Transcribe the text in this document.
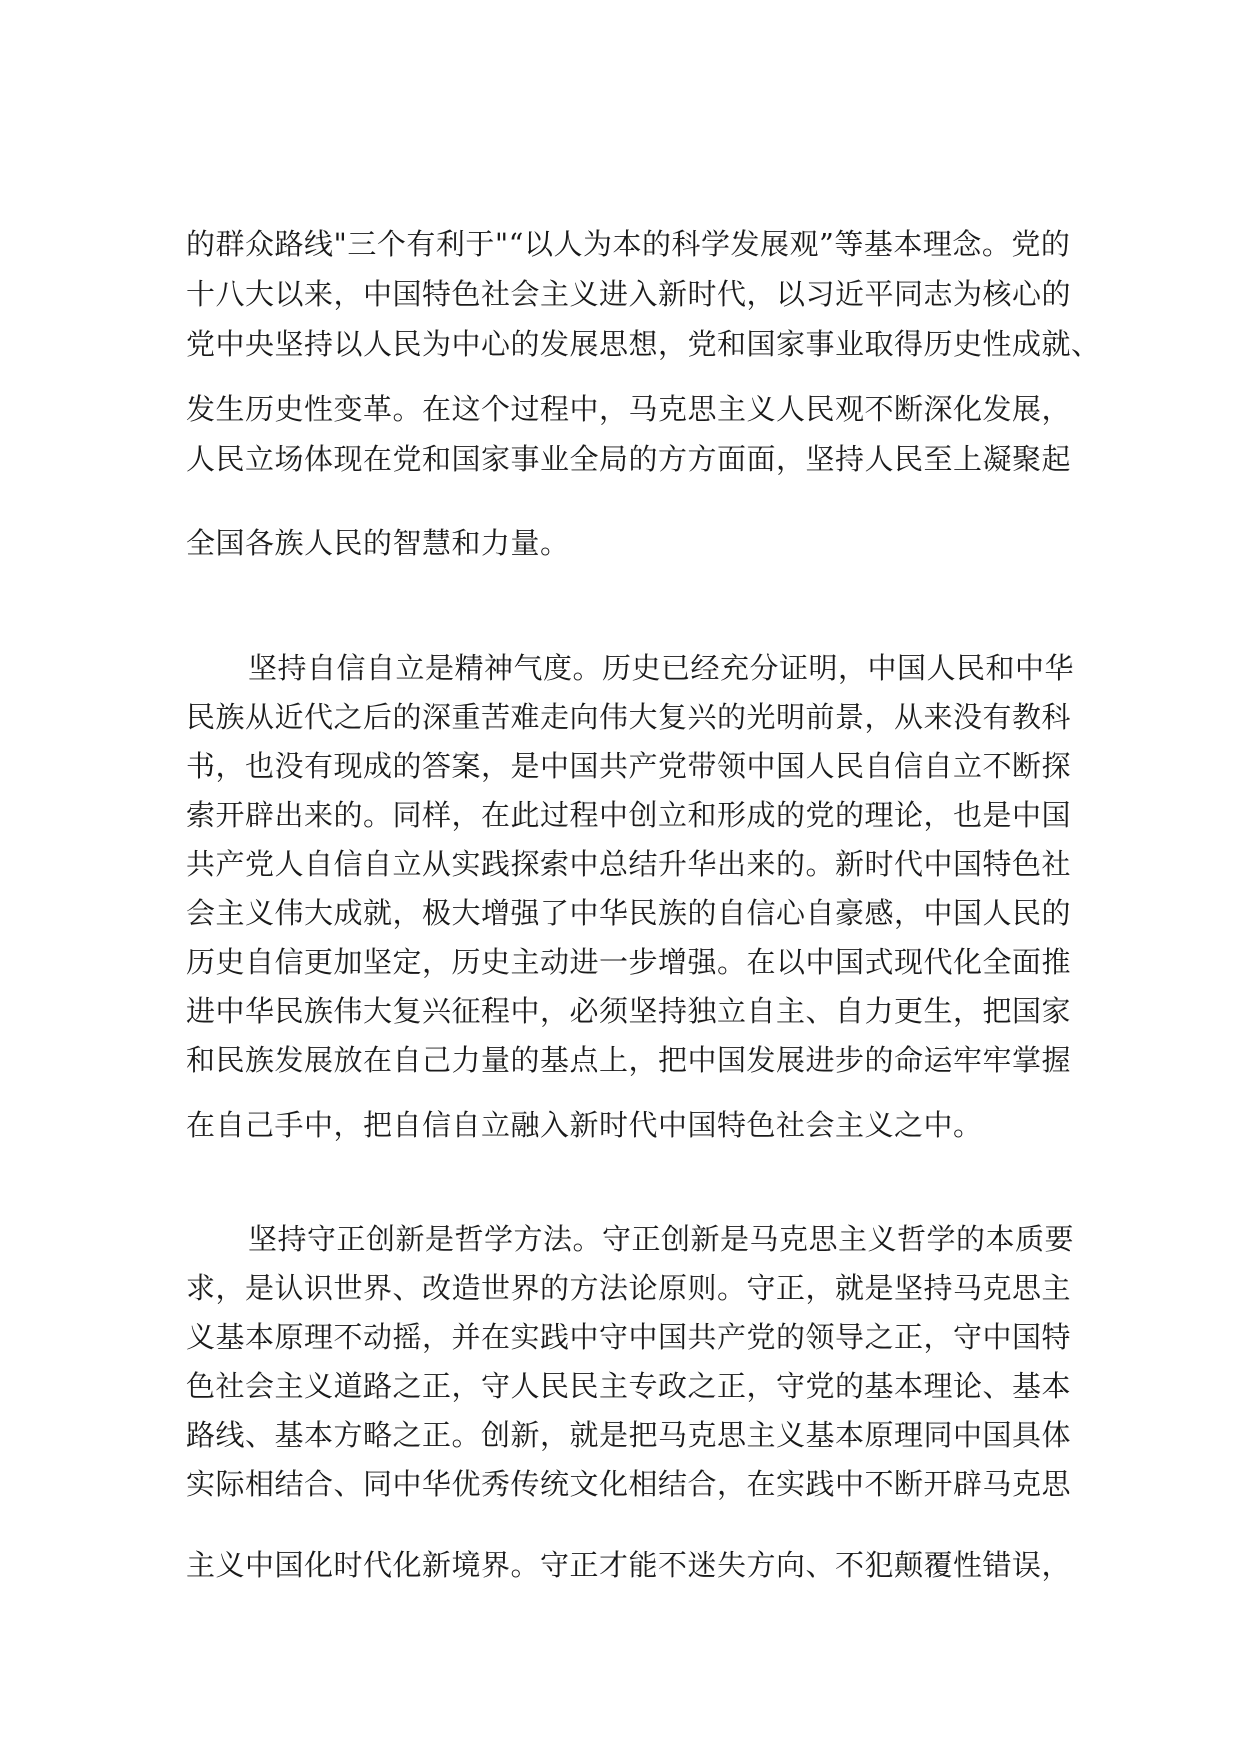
的群众路线"三个有利于"“以人为本的科学发展观”等基本理念。党的
十八大以来，中国特色社会主义进入新时代，以习近平同志为核心的
党中央坚持以人民为中心的发展思想，党和国家事业取得历史性成就、
发生历史性变革。在这个过程中，马克思主义人民观不断深化发展，
人民立场体现在党和国家事业全局的方方面面，坚持人民至上凝聚起
全国各族人民的智慧和力量。
坚持自信自立是精神气度。历史已经充分证明，中国人民和中华
民族从近代之后的深重苦难走向伟大复兴的光明前景，从来没有教科
书，也没有现成的答案，是中国共产党带领中国人民自信自立不断探
索开辟出来的。同样，在此过程中创立和形成的党的理论，也是中国
共产党人自信自立从实践探索中总结升华出来的。新时代中国特色社
会主义伟大成就，极大增强了中华民族的自信心自豪感，中国人民的
历史自信更加坚定，历史主动进一步增强。在以中国式现代化全面推
进中华民族伟大复兴征程中，必须坚持独立自主、自力更生，把国家
和民族发展放在自己力量的基点上，把中国发展进步的命运牢牢掌握
在自己手中，把自信自立融入新时代中国特色社会主义之中。
坚持守正创新是哲学方法。守正创新是马克思主义哲学的本质要
求，是认识世界、改造世界的方法论原则。守正，就是坚持马克思主
义基本原理不动摇，并在实践中守中国共产党的领导之正，守中国特
色社会主义道路之正，守人民民主专政之正，守党的基本理论、基本
路线、基本方略之正。创新，就是把马克思主义基本原理同中国具体
实际相结合、同中华优秀传统文化相结合，在实践中不断开辟马克思
主义中国化时代化新境界。守正才能不迷失方向、不犯颠覆性错误，
